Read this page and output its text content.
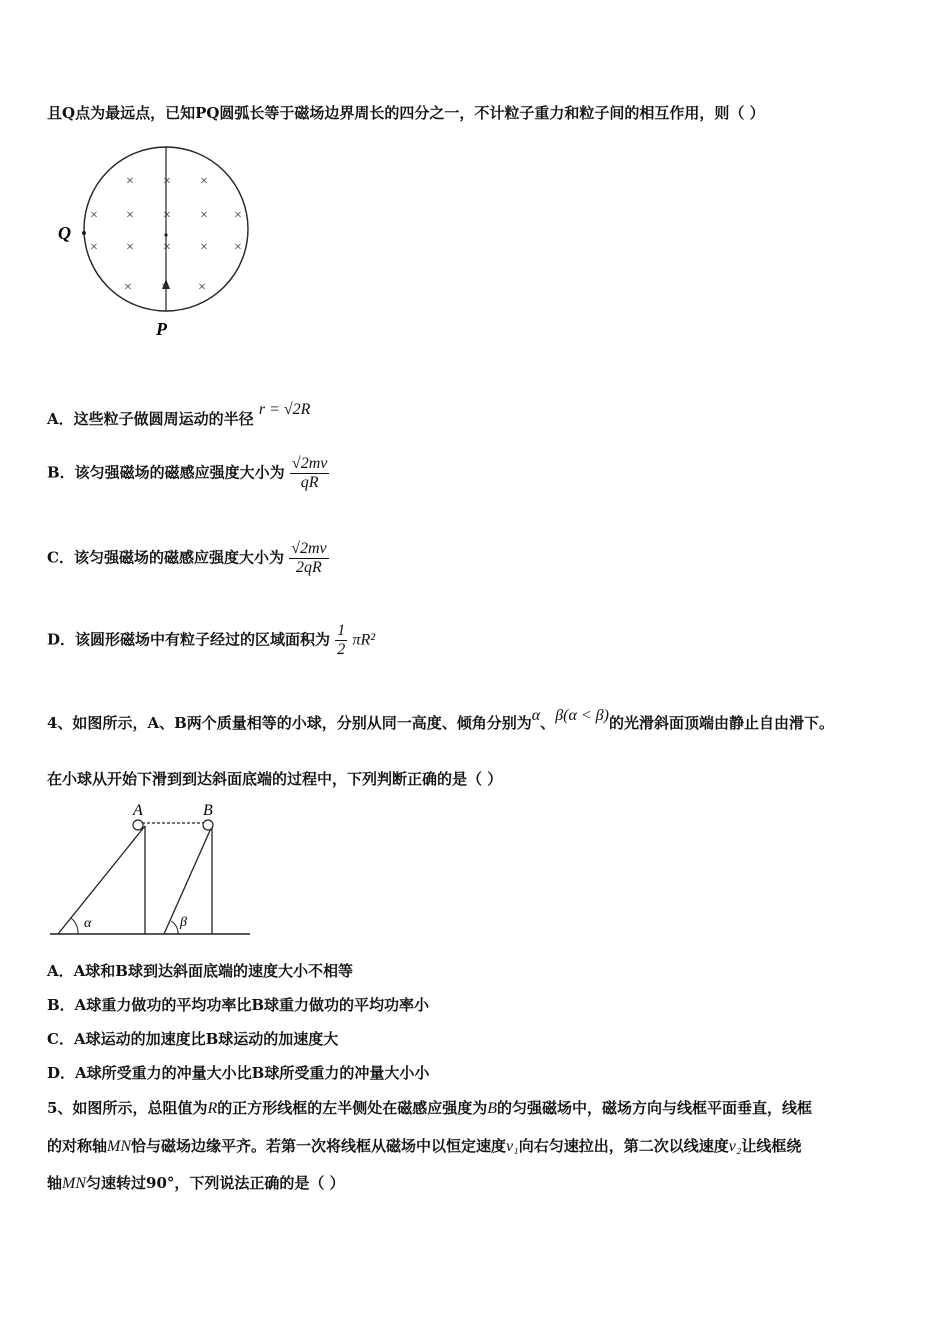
且Q点为最远点，已知PQ圆弧长等于磁场边界周长的四分之一，不计粒子重力和粒子间的相互作用，则（ ）
× × ×
× × × × ×
× × × × ×
× × ×
Q
P
A．这些粒子做圆周运动的半径 r = √2R
B．该匀强磁场的磁感应强度大小为 $\frac{√2mv}{qR}$
C．该匀强磁场的磁感应强度大小为 $\frac{√2mv}{2qR}$
D．该圆形磁场中有粒子经过的区域面积为 $\frac{1}{2} \pi R^2$
4、如图所示，A、B两个质量相等的小球，分别从同一高度、倾角分别为α、β(α < β)的光滑斜面顶端由静止自由滑下。
在小球从开始下滑到到达斜面底端的过程中，下列判断正确的是（ ）
A	B
α	β
A．A球和B球到达斜面底端的速度大小不相等
B．A球重力做功的平均功率比B球重力做功的平均功率小
C．A球运动的加速度比B球运动的加速度大
D．A球所受重力的冲量大小比B球所受重力的冲量大小小
5、如图所示，总阻值为R的正方形线框的左半侧处在磁感应强度为B的匀强磁场中，磁场方向与线框平面垂直，线框
的对称轴MN恰与磁场边缘平齐。若第一次将线框从磁场中以恒定速度v₁向右匀速拉出，第二次以线速度v₂让线框绕
轴MN匀速转过90°，下列说法正确的是（ ）
